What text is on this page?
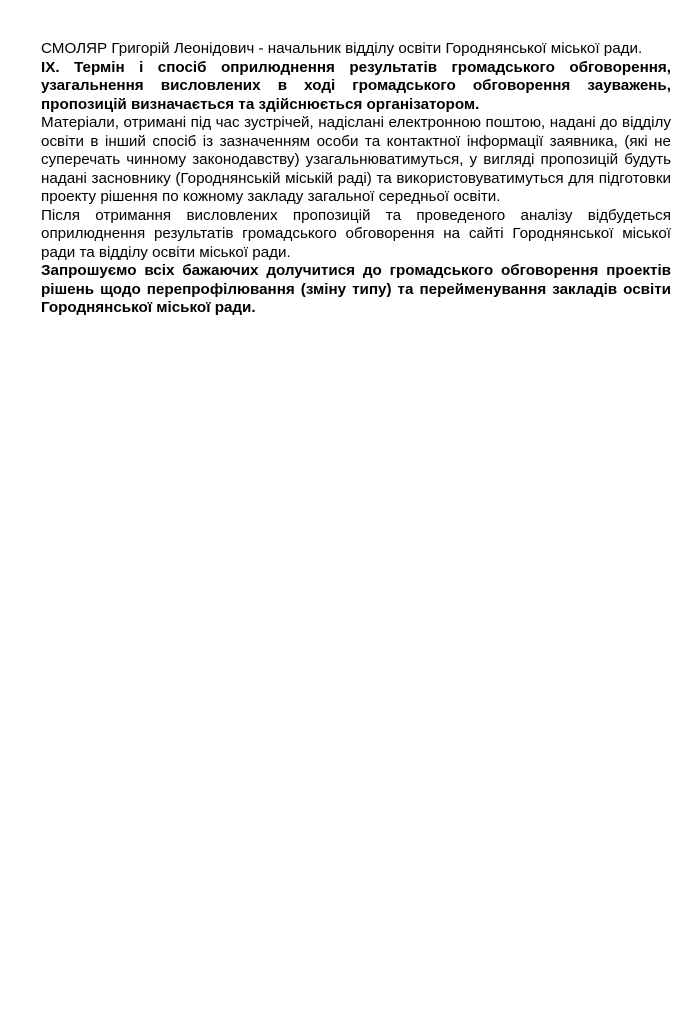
СМОЛЯР Григорій Леонідович - начальник відділу освіти Городнянської міської ради.

IX. Термін і спосіб оприлюднення результатів громадського обговорення, узагальнення висловлених в ході громадського обговорення зауважень, пропозицій визначається та здійснюється організатором.

Матеріали, отримані під час зустрічей, надіслані електронною поштою, надані до відділу освіти в інший спосіб із зазначенням особи та контактної інформації заявника, (які не суперечать чинному законодавству) узагальнюватимуться, у вигляді пропозицій будуть надані засновнику (Городнянській міській раді) та використовуватимуться для підготовки проекту рішення по кожному закладу загальної середньої освіти.

Після отримання висловлених пропозицій та проведеного аналізу відбудеться оприлюднення результатів громадського обговорення на сайті Городнянської міської ради та відділу освіти міської ради.

Запрошуємо всіх бажаючих долучитися до громадського обговорення проектів рішень щодо перепрофілювання (зміну типу) та перейменування закладів освіти Городнянської міської ради.
